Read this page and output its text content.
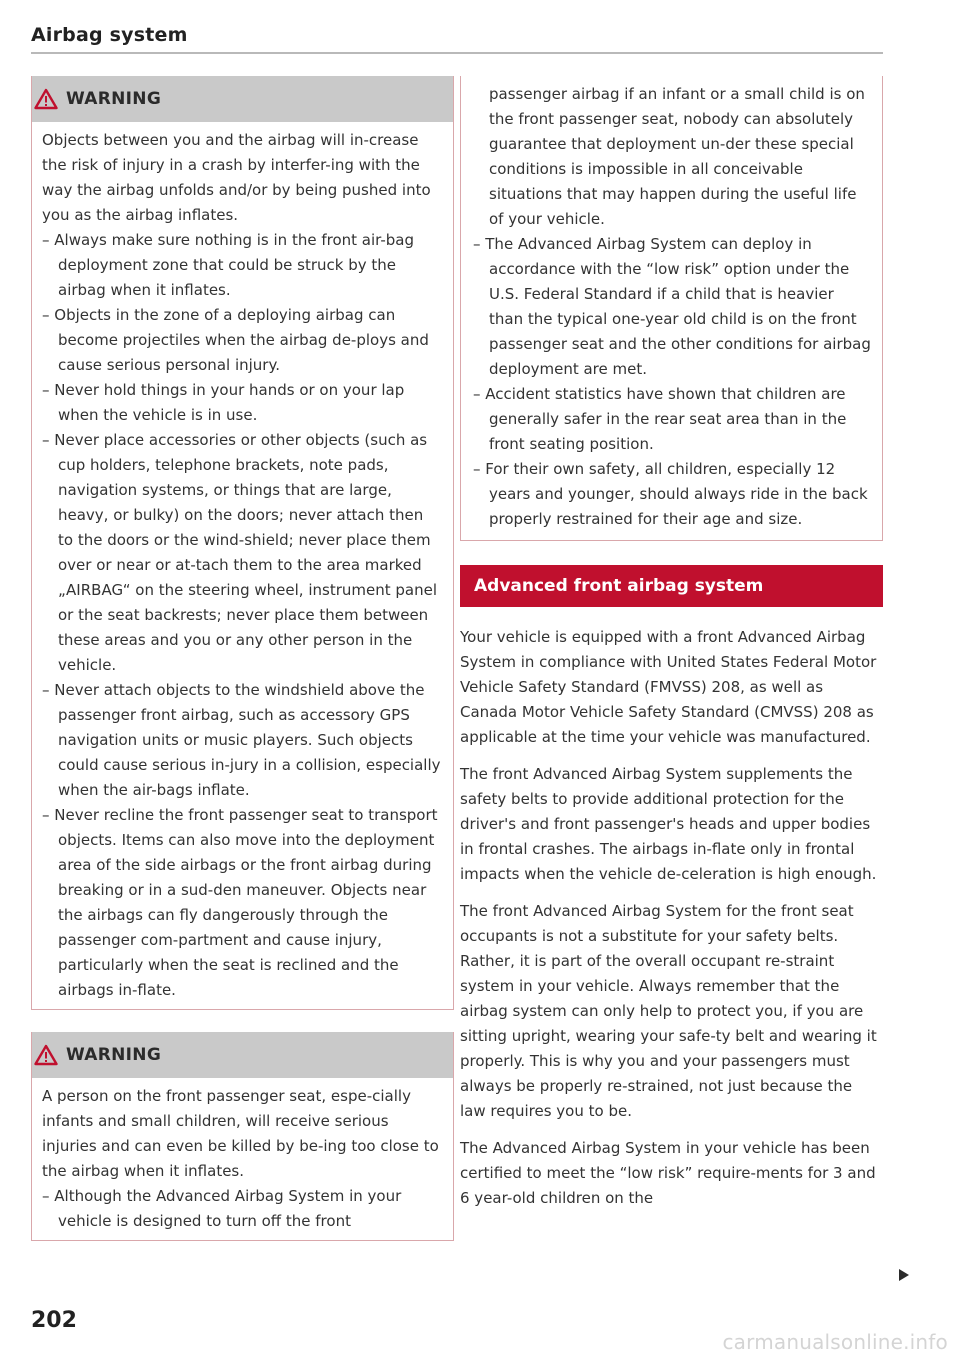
Airbag system
WARNING

Objects between you and the airbag will in-crease the risk of injury in a crash by interfer-ing with the way the airbag unfolds and/or by being pushed into you as the airbag inflates.

– Always make sure nothing is in the front air-bag deployment zone that could be struck by the airbag when it inflates.

– Objects in the zone of a deploying airbag can become projectiles when the airbag de-ploys and cause serious personal injury.

– Never hold things in your hands or on your lap when the vehicle is in use.

– Never place accessories or other objects (such as cup holders, telephone brackets, note pads, navigation systems, or things that are large, heavy, or bulky) on the doors; never attach then to the doors or the wind-shield; never place them over or near or at-tach them to the area marked „AIRBAG“ on the steering wheel, instrument panel or the seat backrests; never place them between these areas and you or any other person in the vehicle.

– Never attach objects to the windshield above the passenger front airbag, such as accessory GPS navigation units or music players. Such objects could cause serious in-jury in a collision, especially when the air-bags inflate.

– Never recline the front passenger seat to transport objects. Items can also move into the deployment area of the side airbags or the front airbag during breaking or in a sud-den maneuver. Objects near the airbags can fly dangerously through the passenger com-partment and cause injury, particularly when the seat is reclined and the airbags in-flate.

WARNING

A person on the front passenger seat, espe-cially infants and small children, will receive serious injuries and can even be killed by be-ing too close to the airbag when it inflates.

– Although the Advanced Airbag System in your vehicle is designed to turn off the front

passenger airbag if an infant or a small child is on the front passenger seat, nobody can absolutely guarantee that deployment un-der these special conditions is impossible in all conceivable situations that may happen during the useful life of your vehicle.

– The Advanced Airbag System can deploy in accordance with the “low risk” option under the U.S. Federal Standard if a child that is heavier than the typical one-year old child is on the front passenger seat and the other conditions for airbag deployment are met.

– Accident statistics have shown that children are generally safer in the rear seat area than in the front seating position.

– For their own safety, all children, especially 12 years and younger, should always ride in the back properly restrained for their age and size.

Advanced front airbag system

Your vehicle is equipped with a front Advanced Airbag System in compliance with United States Federal Motor Vehicle Safety Standard (FMVSS) 208, as well as Canada Motor Vehicle Safety Standard (CMVSS) 208 as applicable at the time your vehicle was manufactured.

The front Advanced Airbag System supplements the safety belts to provide additional protection for the driver's and front passenger's heads and upper bodies in frontal crashes. The airbags in-flate only in frontal impacts when the vehicle de-celeration is high enough.

The front Advanced Airbag System for the front seat occupants is not a substitute for your safety belts. Rather, it is part of the overall occupant re-straint system in your vehicle. Always remember that the airbag system can only help to protect you, if you are sitting upright, wearing your safe-ty belt and wearing it properly. This is why you and your passengers must always be properly re-strained, not just because the law requires you to be.

The Advanced Airbag System in your vehicle has been certified to meet the “low risk” require-ments for 3 and 6 year-old children on the

202
carmanualsonline.info
